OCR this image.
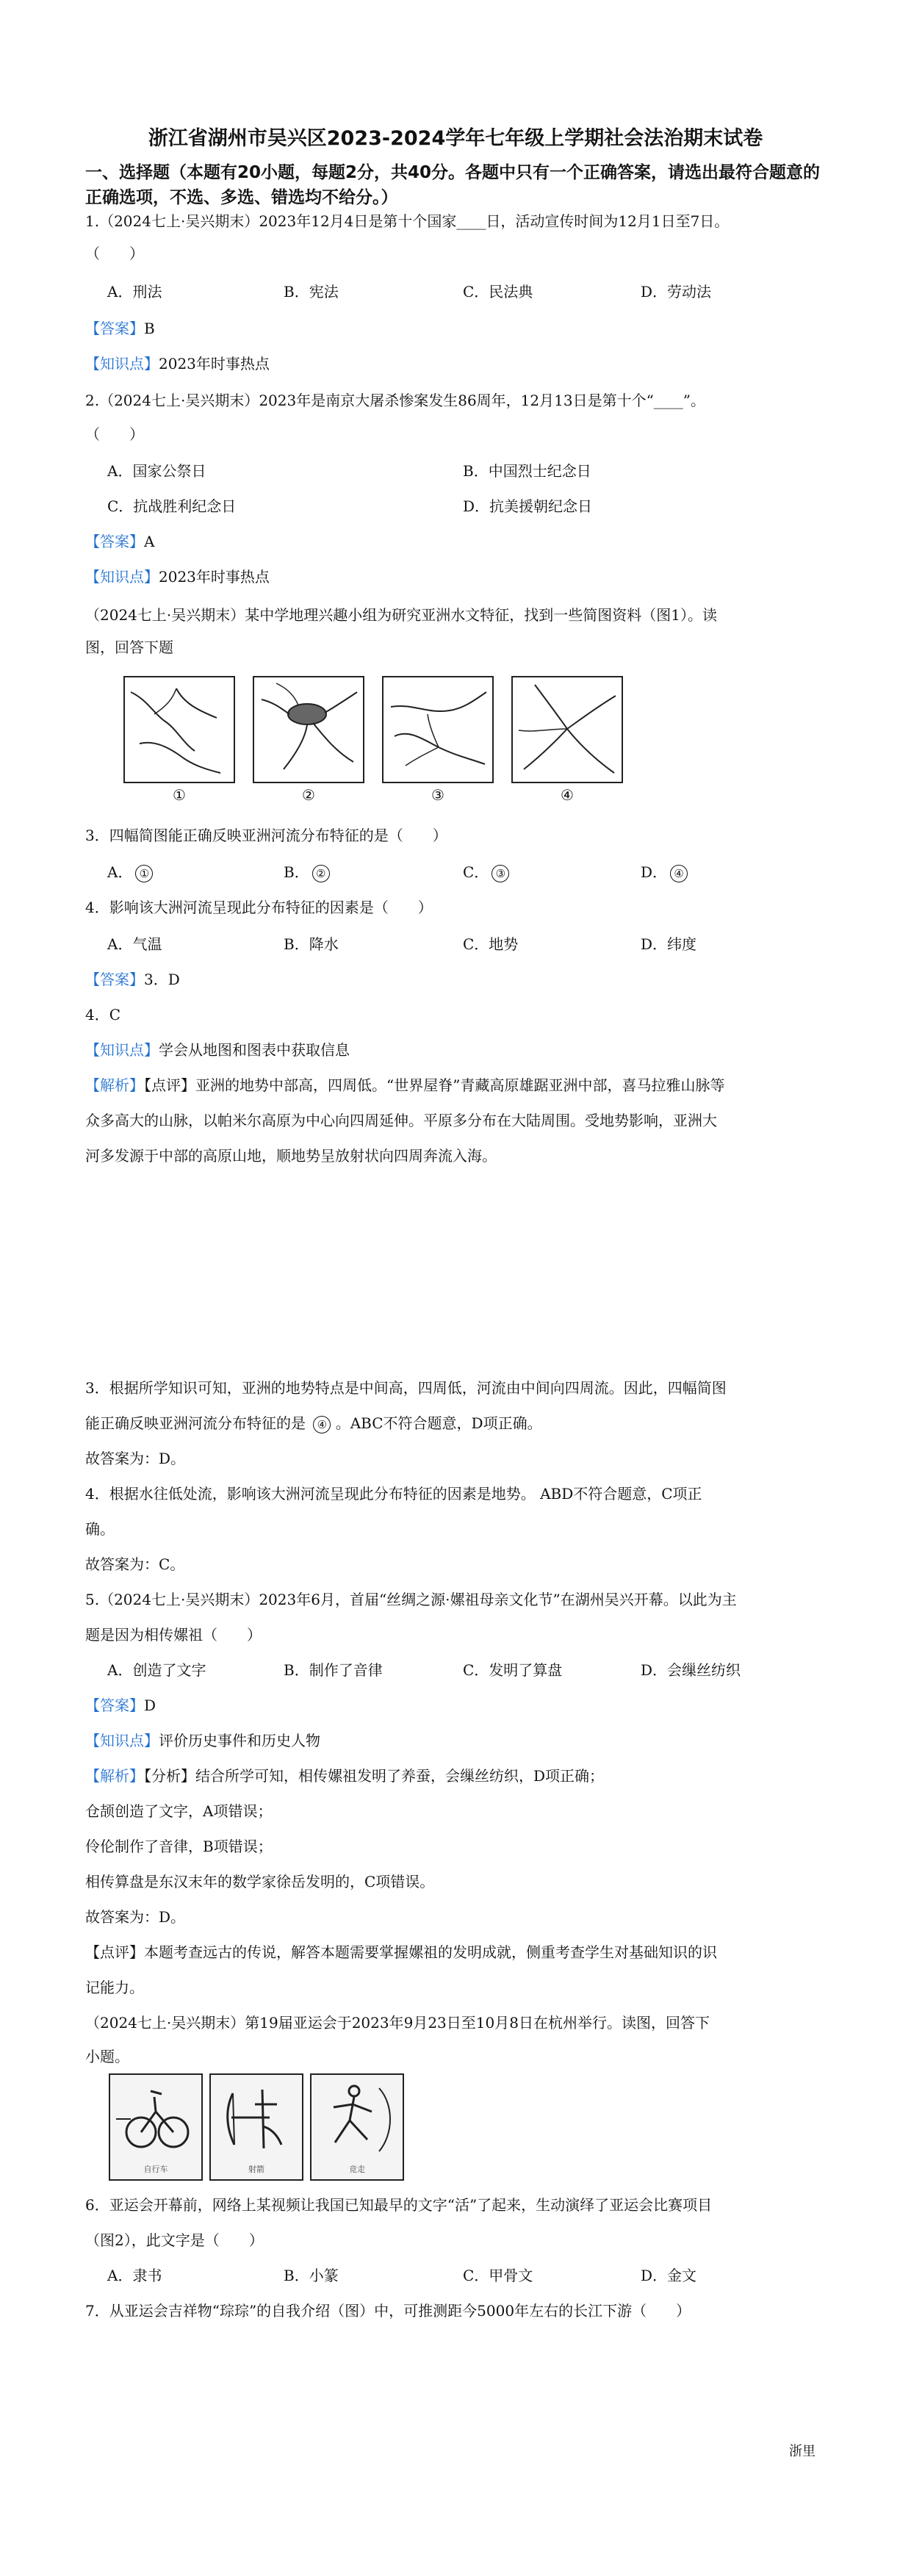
浙江省湖州市吴兴区2023-2024学年七年级上学期社会法治期末试卷
一、选择题（本题有20小题，每题2分，共40分。各题中只有一个正确答案，请选出最符合题意的正确选项，不选、多选、错选均不给分。）
1.（2024七上·吴兴期末）2023年12月4日是第十个国家____日，活动宣传时间为12月1日至7日。
（　　）
A．刑法	B．宪法	C．民法典	D．劳动法
【答案】B
【知识点】2023年时事热点
2.（2024七上·吴兴期末）2023年是南京大屠杀惨案发生86周年，12月13日是第十个“____”。
（　　）
A．国家公祭日	B．中国烈士纪念日
C．抗战胜利纪念日	D．抗美援朝纪念日
【答案】A
【知识点】2023年时事热点
（2024七上·吴兴期末）某中学地理兴趣小组为研究亚洲水文特征，找到一些简图资料（图1）。读
图，回答下题
①	②	③	④
3．四幅简图能正确反映亚洲河流分布特征的是（　　）
A． ①	B． ②	C． ③	D． ④
4．影响该大洲河流呈现此分布特征的因素是（　　）
A．气温	B．降水	C．地势	D．纬度
【答案】3．D
4．C
【知识点】学会从地图和图表中获取信息
【解析】【点评】亚洲的地势中部高，四周低。“世界屋脊”青藏高原雄踞亚洲中部，喜马拉雅山脉等
众多高大的山脉，以帕米尔高原为中心向四周延伸。平原多分布在大陆周围。受地势影响，亚洲大
河多发源于中部的高原山地，顺地势呈放射状向四周奔流入海。
3．根据所学知识可知，亚洲的地势特点是中间高，四周低，河流由中间向四周流。因此，四幅简图
能正确反映亚洲河流分布特征的是 ④ 。ABC不符合题意，D项正确。
故答案为：D。
4．根据水往低处流，影响该大洲河流呈现此分布特征的因素是地势。 ABD不符合题意，C项正
确。
故答案为：C。
5.（2024七上·吴兴期末）2023年6月，首届“丝绸之源·嫘祖母亲文化节”在湖州吴兴开幕。以此为主
题是因为相传嫘祖（　　）
A．创造了文字	B．制作了音律	C．发明了算盘	D．会缫丝纺织
【答案】D
【知识点】评价历史事件和历史人物
【解析】【分析】结合所学可知，相传嫘祖发明了养蚕，会缫丝纺织，D项正确；
仓颉创造了文字，A项错误；
伶伦制作了音律，B项错误；
相传算盘是东汉末年的数学家徐岳发明的，C项错误。
故答案为：D。
【点评】本题考查远古的传说，解答本题需要掌握嫘祖的发明成就，侧重考查学生对基础知识的识
记能力。
（2024七上·吴兴期末）第19届亚运会于2023年9月23日至10月8日在杭州举行。读图，回答下
小题。
自行车	射箭	竞走
6．亚运会开幕前，网络上某视频让我国已知最早的文字“活”了起来，生动演绎了亚运会比赛项目
（图2），此文字是（　　）
A．隶书	B．小篆	C．甲骨文	D．金文
7．从亚运会吉祥物“琮琮”的自我介绍（图）中，可推测距今5000年左右的长江下游（　　）
浙里
